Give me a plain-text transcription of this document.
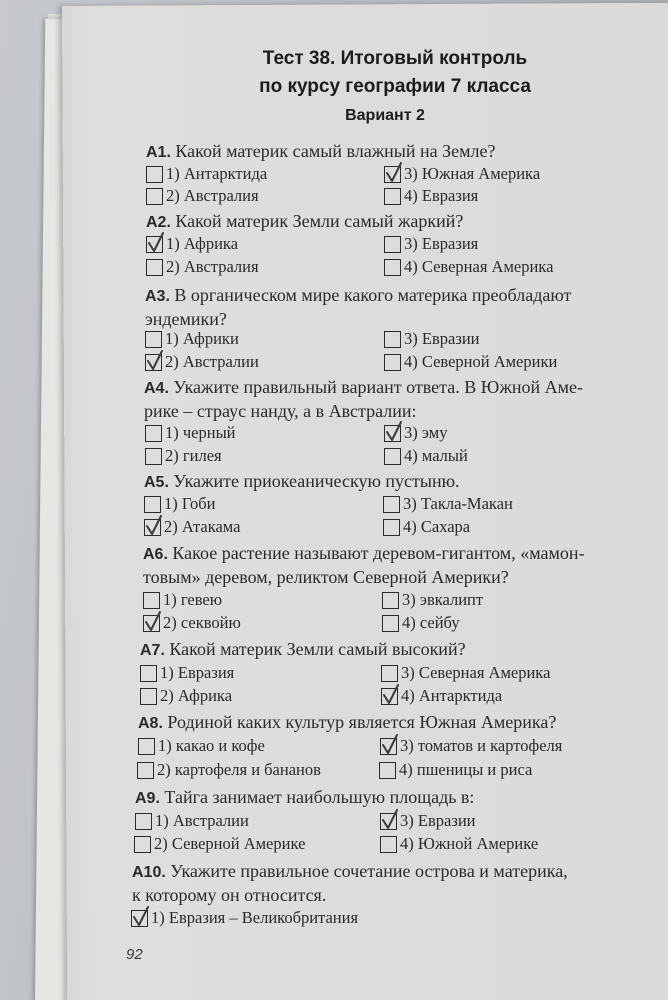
Тест 38. Итоговый контроль
по курсу географии 7 класса
Вариант 2
А1. Какой материк самый влажный на Земле?
1) Антарктида	3) Южная Америка
2) Австралия	4) Евразия
А2. Какой материк Земли самый жаркий?
1) Африка	3) Евразия
2) Австралия	4) Северная Америка
А3. В органическом мире какого материка преобладают
эндемики?
1) Африки	3) Евразии
2) Австралии	4) Северной Америки
А4. Укажите правильный вариант ответа. В Южной Аме-
рике – страус нанду, а в Австралии:
1) черный	3) эму
2) гилея	4) малый
А5. Укажите приокеаническую пустыню.
1) Гоби	3) Такла-Макан
2) Атакама	4) Сахара
А6. Какое растение называют деревом-гигантом, «мамон-
товым» деревом, реликтом Северной Америки?
1) гевею	3) эвкалипт
2) секвойю	4) сейбу
А7. Какой материк Земли самый высокий?
1) Евразия	3) Северная Америка
2) Африка	4) Антарктида
А8. Родиной каких культур является Южная Америка?
1) какао и кофе	3) томатов и картофеля
2) картофеля и бананов	4) пшеницы и риса
А9. Тайга занимает наибольшую площадь в:
1) Австралии	3) Евразии
2) Северной Америке	4) Южной Америке
А10. Укажите правильное сочетание острова и материка,
к которому он относится.
1) Евразия – Великобритания
92
